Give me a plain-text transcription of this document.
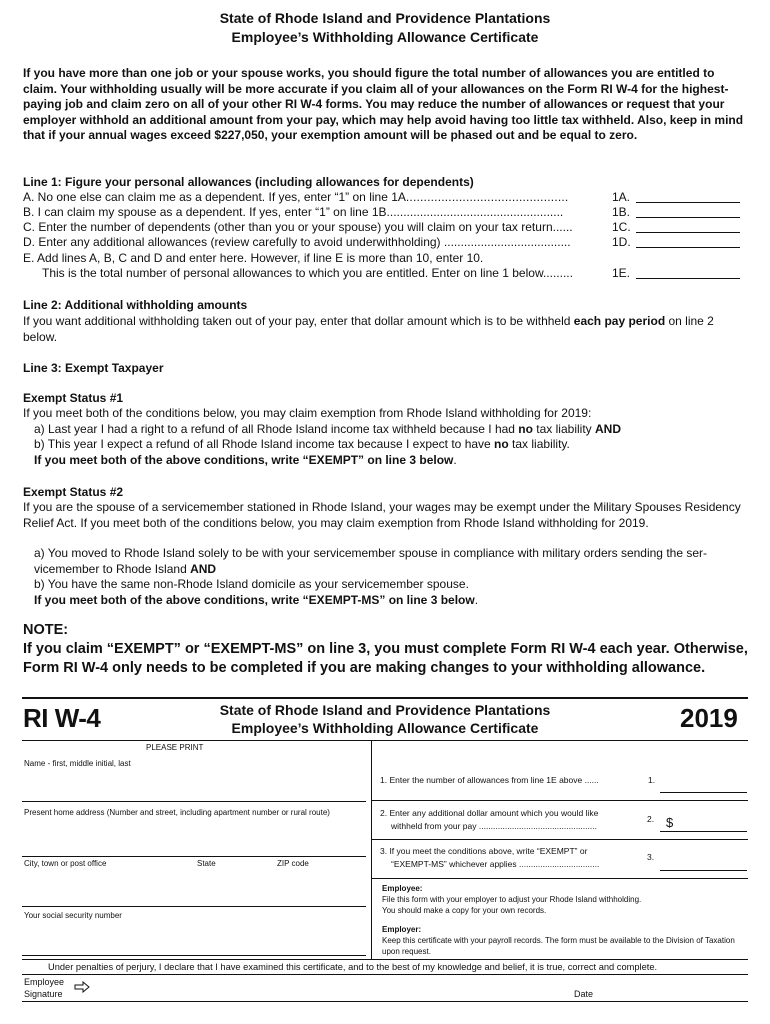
State of Rhode Island and Providence Plantations
Employee’s Withholding Allowance Certificate
If you have more than one job or your spouse works, you should figure the total number of allowances you are entitled to claim. Your withholding usually will be more accurate if you claim all of your allowances on the Form RI W-4 for the highest-paying job and claim zero on all of your other RI W-4 forms. You may reduce the number of allowances or request that your employer withhold an additional amount from your pay, which may help avoid having too little tax withheld. Also, keep in mind that if your annual wages exceed $227,050, your exemption amount will be phased out and be equal to zero.
Line 1: Figure your personal allowances (including allowances for dependents)
A. No one else can claim me as a dependent. If yes, enter “1” on line 1A..............................................	1A.
B. I can claim my spouse as a dependent. If yes, enter “1” on line 1B.....................................................	1B.
C. Enter the number of dependents (other than you or your spouse) you will claim on your tax return......	1C.
D. Enter any additional allowances (review carefully to avoid underwithholding) ......................................	1D.
E. Add lines A, B, C and D and enter here. However, if line E is more than 10, enter 10.
This is the total number of personal allowances to which you are entitled. Enter on line 1 below.........	1E.
Line 2: Additional withholding amounts
If you want additional withholding taken out of your pay, enter that dollar amount which is to be withheld each pay period on line 2 below.
Line 3: Exempt Taxpayer
Exempt Status #1
If you meet both of the conditions below, you may claim exemption from Rhode Island withholding for 2019:
a) Last year I had a right to a refund of all Rhode Island income tax withheld because I had no tax liability AND
b) This year I expect a refund of all Rhode Island income tax because I expect to have no tax liability.
If you meet both of the above conditions, write “EXEMPT” on line 3 below.
Exempt Status #2
If you are the spouse of a servicemember stationed in Rhode Island, your wages may be exempt under the Military Spouses Residency Relief Act. If you meet both of the conditions below, you may claim exemption from Rhode Island withholding for 2019.
a) You moved to Rhode Island solely to be with your servicemember spouse in compliance with military orders sending the ser-
vicemember to Rhode Island AND
b) You have the same non-Rhode Island domicile as your servicemember spouse.
If you meet both of the above conditions, write “EXEMPT-MS” on line 3 below.
NOTE:
If you claim “EXEMPT” or “EXEMPT-MS” on line 3, you must complete Form RI W-4 each year. Otherwise, Form RI W-4 only needs to be completed if you are making changes to your withholding allowance.
RI W-4	State of Rhode Island and Providence Plantations
Employee’s Withholding Allowance Certificate	2019
PLEASE PRINT
Name - first, middle initial, last
Present home address (Number and street, including apartment number or rural route)
City, town or post office	State	ZIP code
Your social security number
1. Enter the number of allowances from line 1E above ......	1.
2. Enter any additional dollar amount which you would like
withheld from your pay ..................................................
2. $
3. If you meet the conditions above, write “EXEMPT” or
“EXEMPT-MS” whichever applies ..................................
3.
Employee:
File this form with your employer to adjust your Rhode Island withholding.
You should make a copy for your own records.
Employer:
Keep this certificate with your payroll records. The form must be available to the Division of Taxation upon request.
Under penalties of perjury, I declare that I have examined this certificate, and to the best of my knowledge and belief, it is true, correct and complete.
Employee
Signature	Date
